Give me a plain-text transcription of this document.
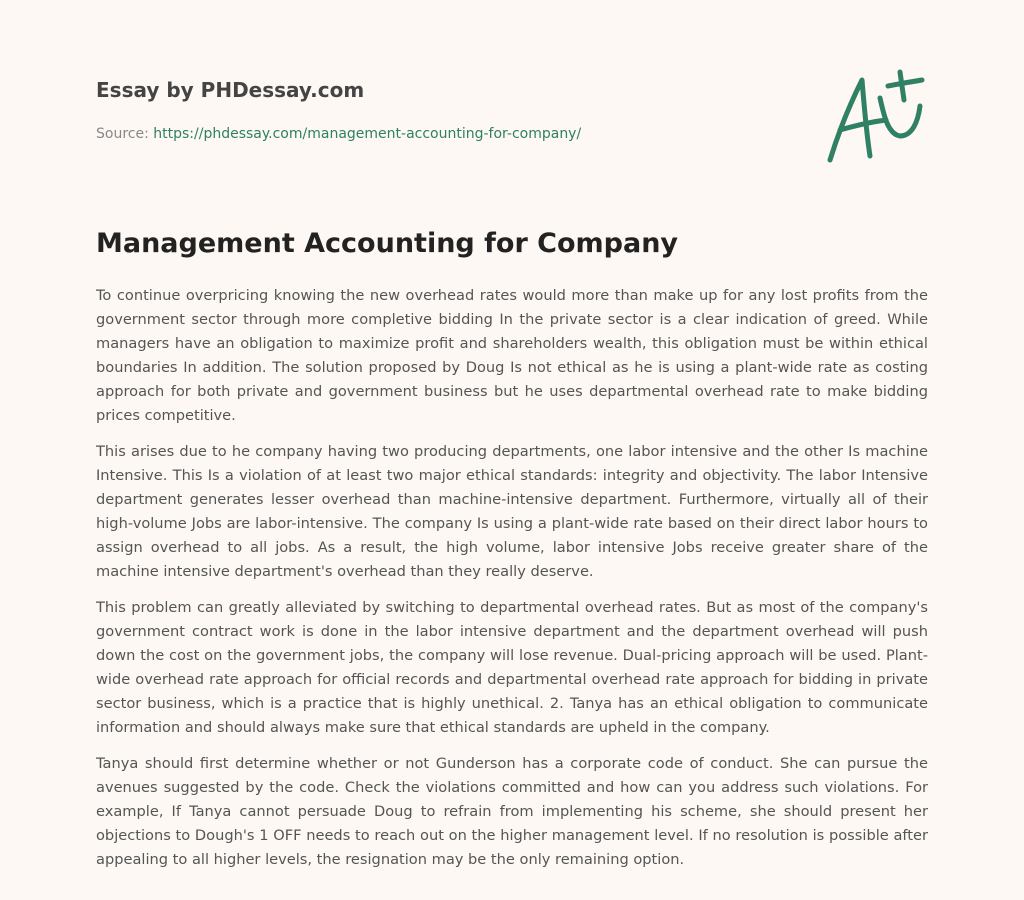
Essay by PHDessay.com
Source: https://phdessay.com/management-accounting-for-company/
Management Accounting for Company

To continue overpricing knowing the new overhead rates would more than make up for any lost profits from the government sector through more completive bidding In the private sector is a clear indication of greed. While managers have an obligation to maximize profit and shareholders wealth, this obligation must be within ethical boundaries In addition. The solution proposed by Doug Is not ethical as he is using a plant-wide rate as costing approach for both private and government business but he uses departmental overhead rate to make bidding prices competitive.

This arises due to he company having two producing departments, one labor intensive and the other Is machine Intensive. This Is a violation of at least two major ethical standards: integrity and objectivity. The labor Intensive department generates lesser overhead than machine-intensive department. Furthermore, virtually all of their high-volume Jobs are labor-intensive. The company Is using a plant-wide rate based on their direct labor hours to assign overhead to all jobs. As a result, the high volume, labor intensive Jobs receive greater share of the machine intensive department's overhead than they really deserve.

This problem can greatly alleviated by switching to departmental overhead rates. But as most of the company's government contract work is done in the labor intensive department and the department overhead will push down the cost on the government jobs, the company will lose revenue. Dual-pricing approach will be used. Plant-wide overhead rate approach for official records and departmental overhead rate approach for bidding in private sector business, which is a practice that is highly unethical. 2. Tanya has an ethical obligation to communicate information and should always make sure that ethical standards are upheld in the company.

Tanya should first determine whether or not Gunderson has a corporate code of conduct. She can pursue the avenues suggested by the code. Check the violations committed and how can you address such violations. For example, If Tanya cannot persuade Doug to refrain from implementing his scheme, she should present her objections to Dough's 1 OFF needs to reach out on the higher management level. If no resolution is possible after appealing to all higher levels, the resignation may be the only remaining option.
